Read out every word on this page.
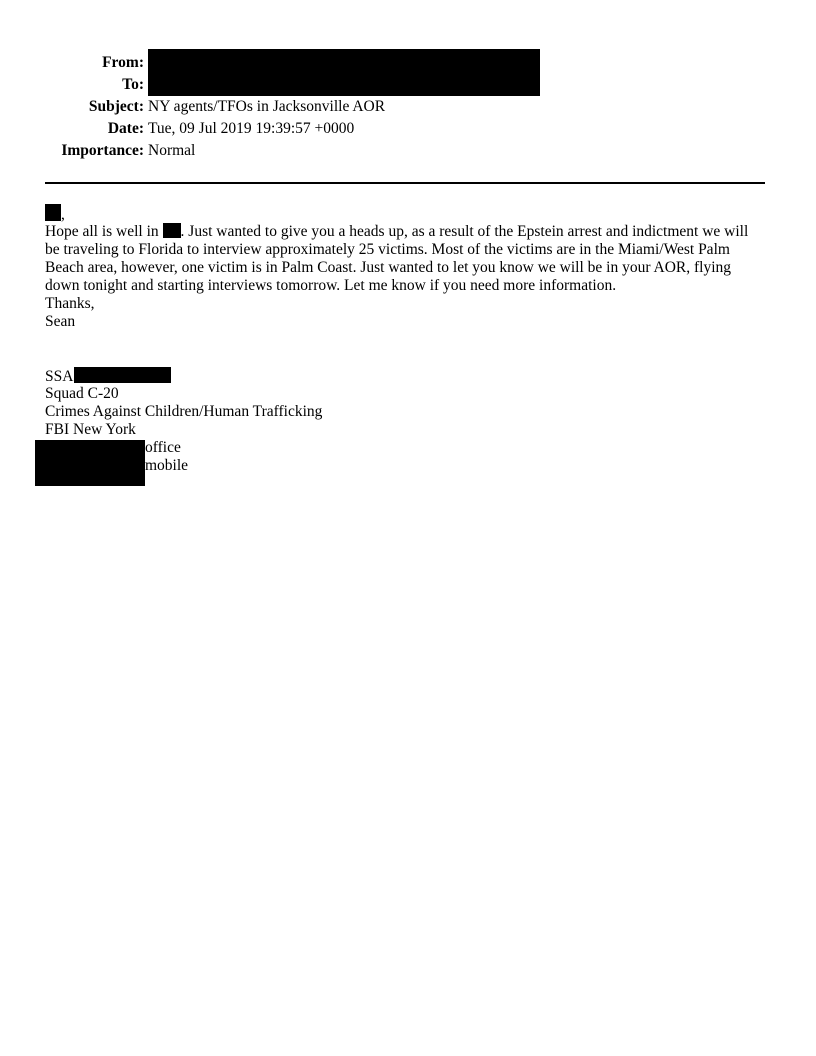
From:
To:
Subject:
Date:
Importance:
NY agents/TFOs in Jacksonville AOR
Tue, 09 Jul 2019 19:39:57 +0000
Normal
,
Hope all is well in . Just wanted to give you a heads up, as a result of the Epstein arrest and indictment we will
be traveling to Florida to interview approximately 25 victims. Most of the victims are in the Miami/West Palm
Beach area, however, one victim is in Palm Coast. Just wanted to let you know we will be in your AOR, flying
down tonight and starting interviews tomorrow. Let me know if you need more information.
Thanks,
Sean
SSA
Squad C-20
Crimes Against Children/Human Trafficking
FBI New York
office
mobile
